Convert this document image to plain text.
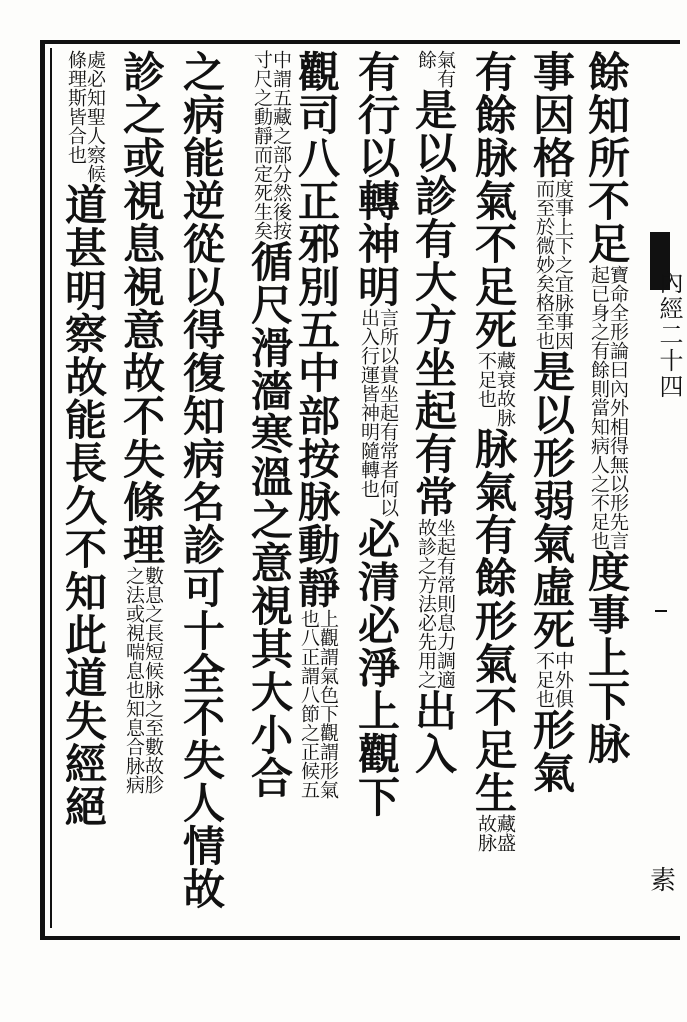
內經二十四
素
餘知所不足
寶命全形論曰內外相得無以形先言
起已身之有餘則當知病人之不足也
度事上下脉
事因格
度事上下之宜脉事因
而至於微妙矣格至也
是以形弱氣虛死
中外俱
不足也
形氣
有餘脉氣不足死
藏衰故脉
不足也
脉氣有餘形氣不足生
藏盛
故脉
氣有
餘
是以診有大方坐起有常
坐起有常則息力調適
故診之方法必先用之
出入
有行以轉神明
言所以貴坐起有常者何以
出入行運皆神明隨轉也
必清必淨上觀下
觀司八正邪別五中部按脉動靜
上觀謂氣色下觀謂形氣
也八正謂八節之正候五
中謂五藏之部分然後按
寸尺之動靜而定死生矣
循尺滑濇寒溫之意視其大小合
之病能逆從以得復知病名診可十全不失人情故
診之或視息視意故不失條理
數息之長短候脉之至數故胗
之法或視喘息也知息合脉病
處必知聖人察候
條理斯皆合也
道甚明察故能長久不知此道失經絕
